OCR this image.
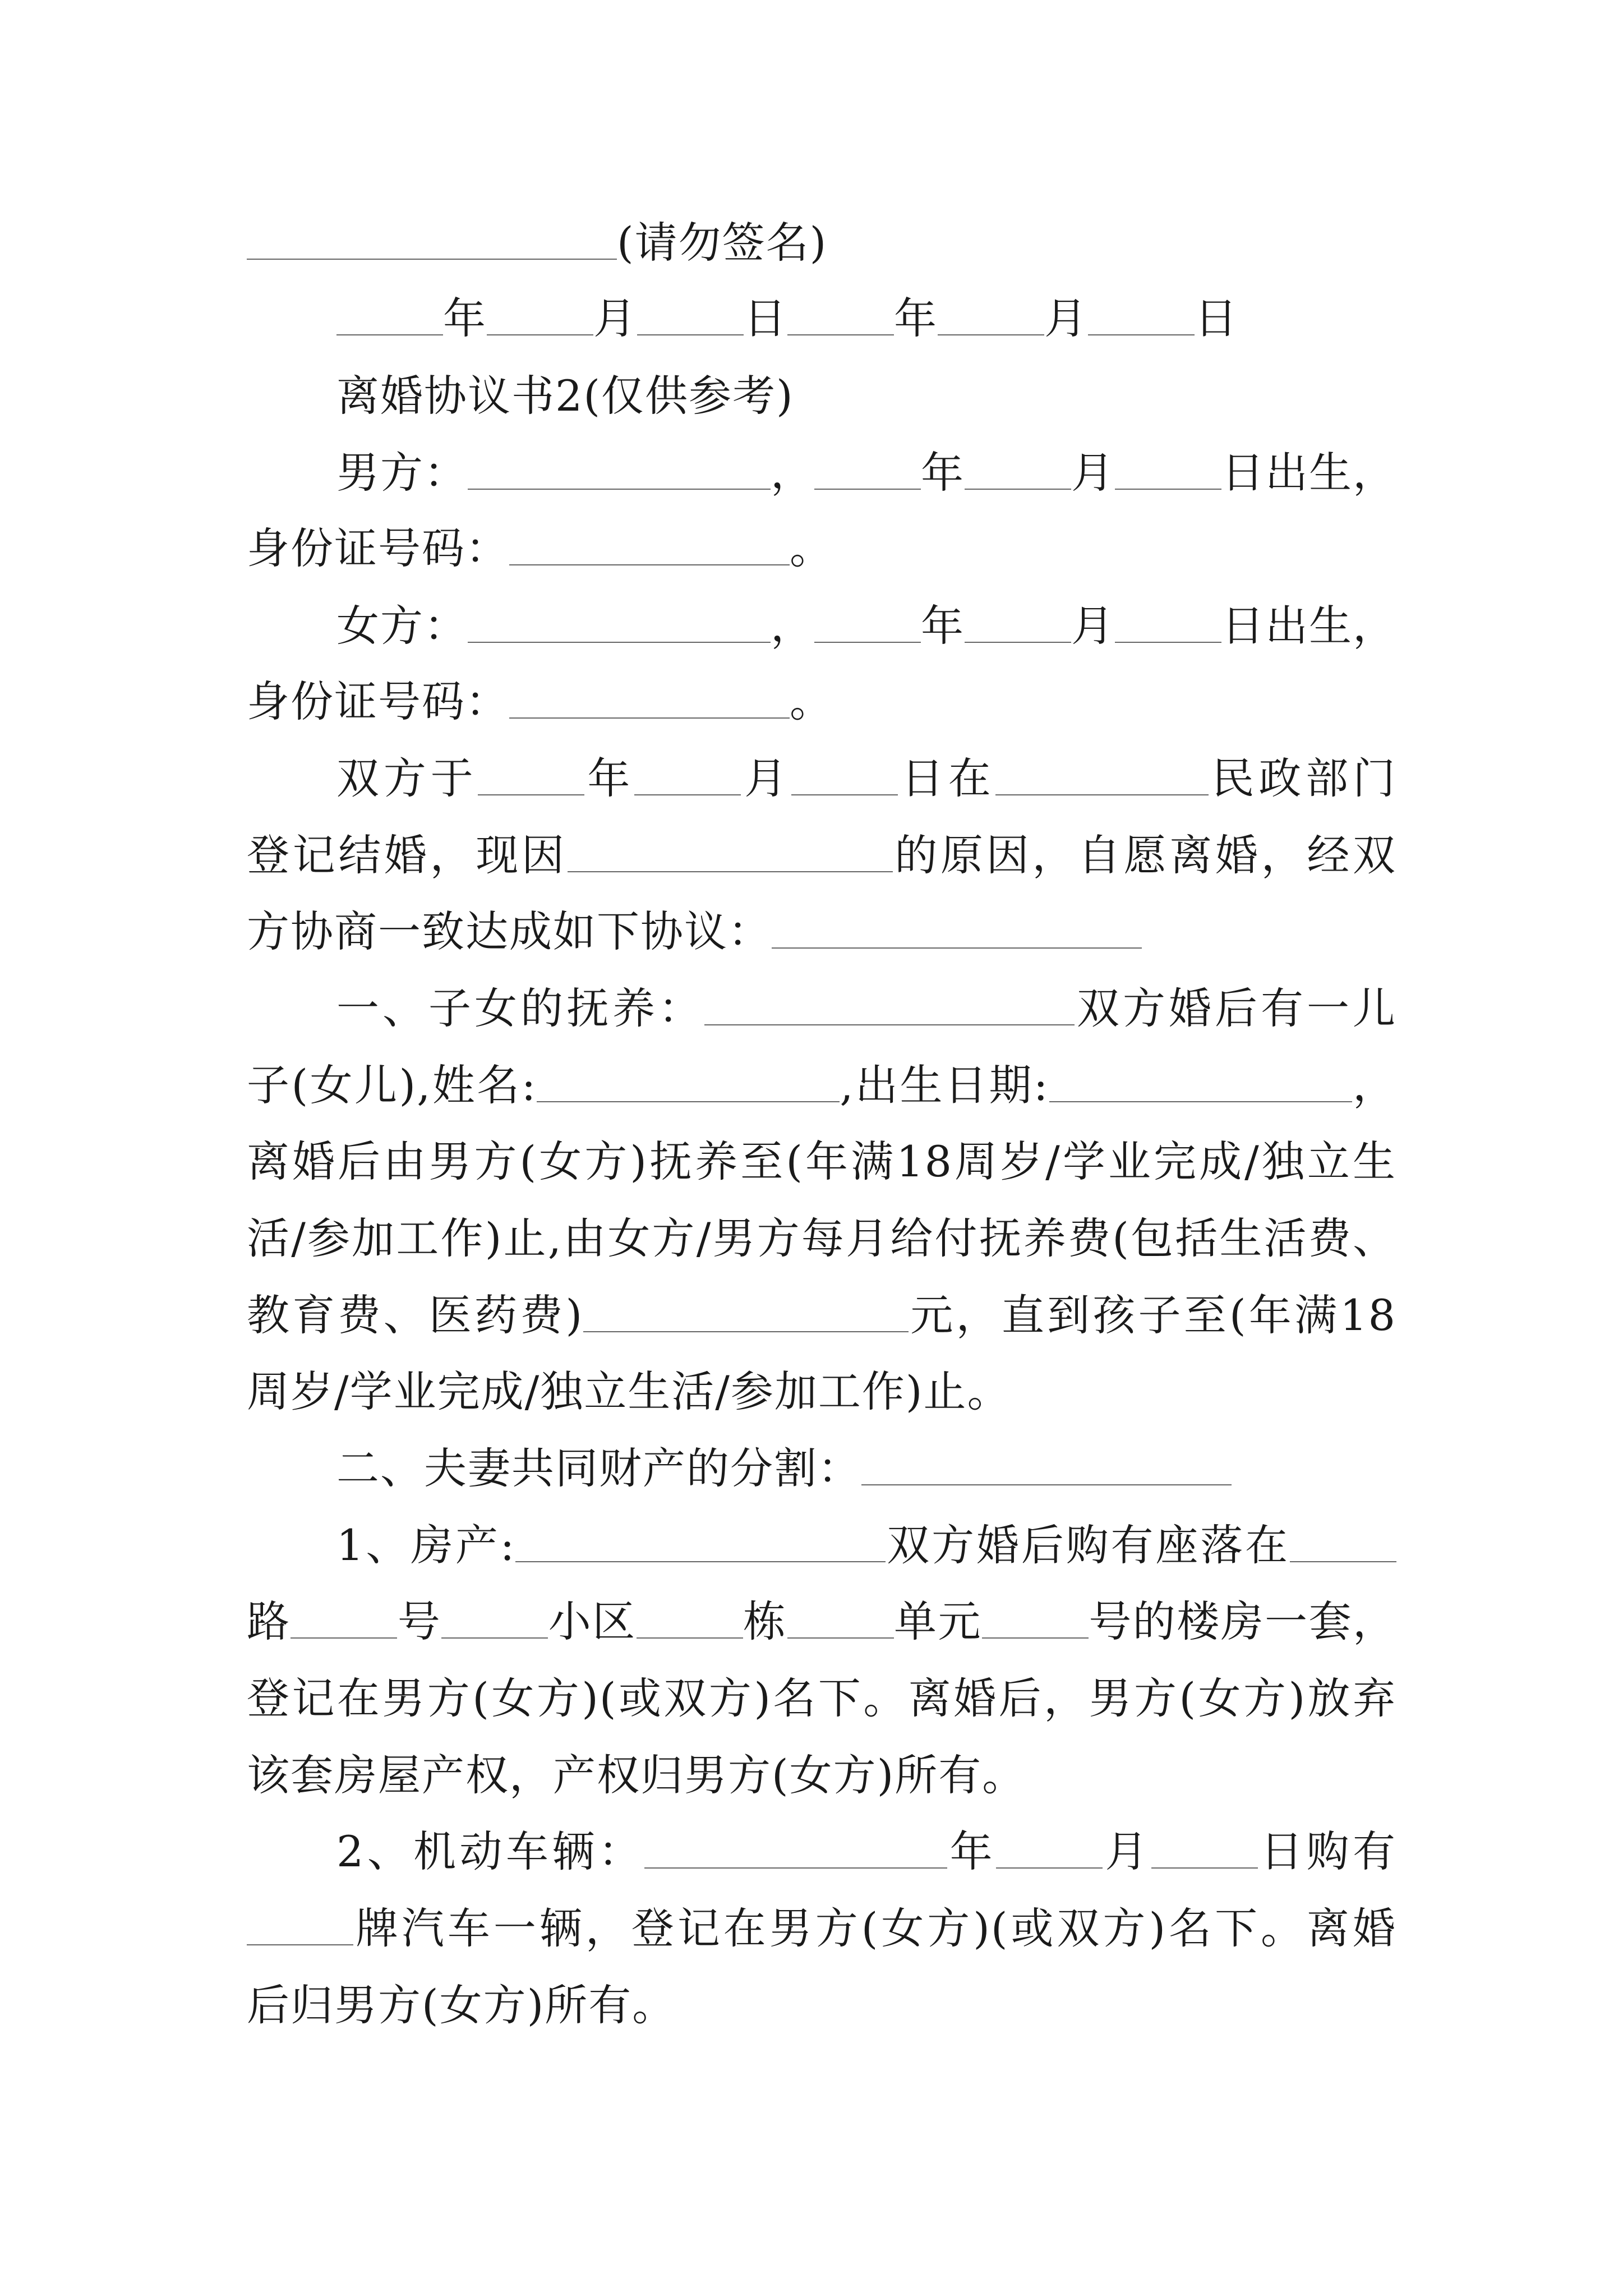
(请勿签名)
年	月	日	年	月	日
离婚协议书2(仅供参考)
男方：	，	年	月	日出生，
身份证号码：	。
女方：	，	年	月	日出生，
身份证号码：	。
双方于	年	月	日在	民政部门
登记结婚，现因	的原因，自愿离婚，经双
方协商一致达成如下协议：
一、子女的抚养：	双方婚后有一儿
子(女儿),姓名:	,出生日期:	，
离婚后由男方(女方)抚养至(年满18周岁/学业完成/独立生
活/参加工作)止,由女方/男方每月给付抚养费(包括生活费、
教育费、医药费)	元，直到孩子至(年满18
周岁/学业完成/独立生活/参加工作)止。
二、夫妻共同财产的分割：
1、房产:	双方婚后购有座落在
路	号	小区	栋	单元	号的楼房一套，
登记在男方(女方)(或双方)名下。离婚后，男方(女方)放弃
该套房屋产权，产权归男方(女方)所有。
2、机动车辆：	年	月	日购有
牌汽车一辆，登记在男方(女方)(或双方)名下。离婚
后归男方(女方)所有。
